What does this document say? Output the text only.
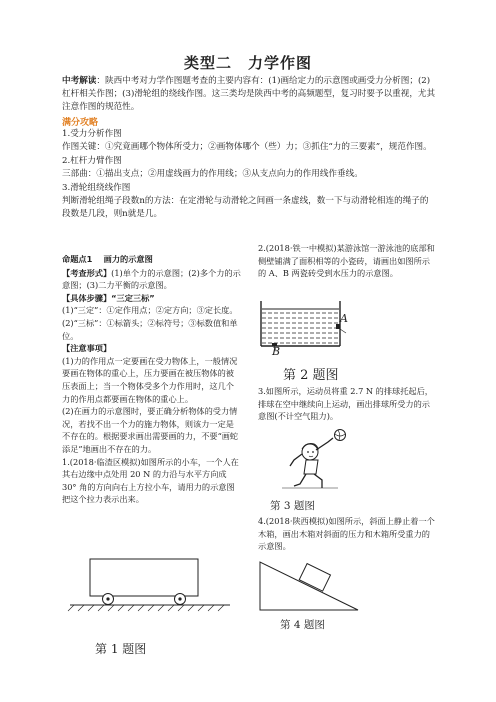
类型二　力学作图
中考解读：陕西中考对力学作图题考查的主要内容有：(1)画给定力的示意图或画受力分析图；(2)杠杆相关作图；(3)滑轮组的绕线作图。这三类均是陕西中考的高频题型，复习时要予以重视，尤其注意作图的规范性。
满分攻略
1.受力分析作图
作图关键：①究竟画哪个物体所受力；②画物体哪个（些）力；③抓住“力的三要素”，规范作图。
2.杠杆力臂作图
三部曲：①描出支点；②用虚线画力的作用线；③从支点向力的作用线作垂线。
3.滑轮组绕线作图
判断滑轮组绳子段数n的方法：在定滑轮与动滑轮之间画一条虚线，数一下与动滑轮相连的绳子的段数是几段，则n就是几。
命题点1 画力的示意图
【考查形式】(1)单个力的示意图；(2)多个力的示意图；(3)二力平衡的示意图。
【具体步骤】“三定三标”
(1)“三定”：①定作用点；②定方向；③定长度。
(2)“三标”：①标箭头；②标符号；③标数值和单位。
【注意事项】
(1)力的作用点一定要画在受力物体上，一般情况要画在物体的重心上，压力要画在被压物体的被压表面上；当一个物体受多个力作用时，这几个力的作用点都要画在物体的重心上。
(2)在画力的示意图时，要正确分析物体的受力情况，若找不出一个力的施力物体，则该力一定是不存在的。根据要求画出需要画的力，不要“画蛇添足”地画出不存在的力。
1.(2018·临渣区模拟)如图所示的小车，一个人在其右边缘中点处用 20 N 的力沿与水平方向成 30° 角的方向向右上方拉小车，请用力的示意图把这个拉力表示出来。
第 1 题图
2.(2018·铁一中模拟)某游泳馆一游泳池的底部和侧壁铺满了面积相等的小瓷砖，请画出如图所示的 A、B 两瓷砖受到水压力的示意图。
A
B
第 2 题图
3.如图所示，运动员将重 2.7 N 的排球托起后，排球在空中继续向上运动，画出排球所受力的示意图(不计空气阻力)。
第 3 题图
4.(2018·陕西模拟)如图所示，斜面上静止着一个木箱，画出木箱对斜面的压力和木箱所受重力的示意图。
第 4 题图
